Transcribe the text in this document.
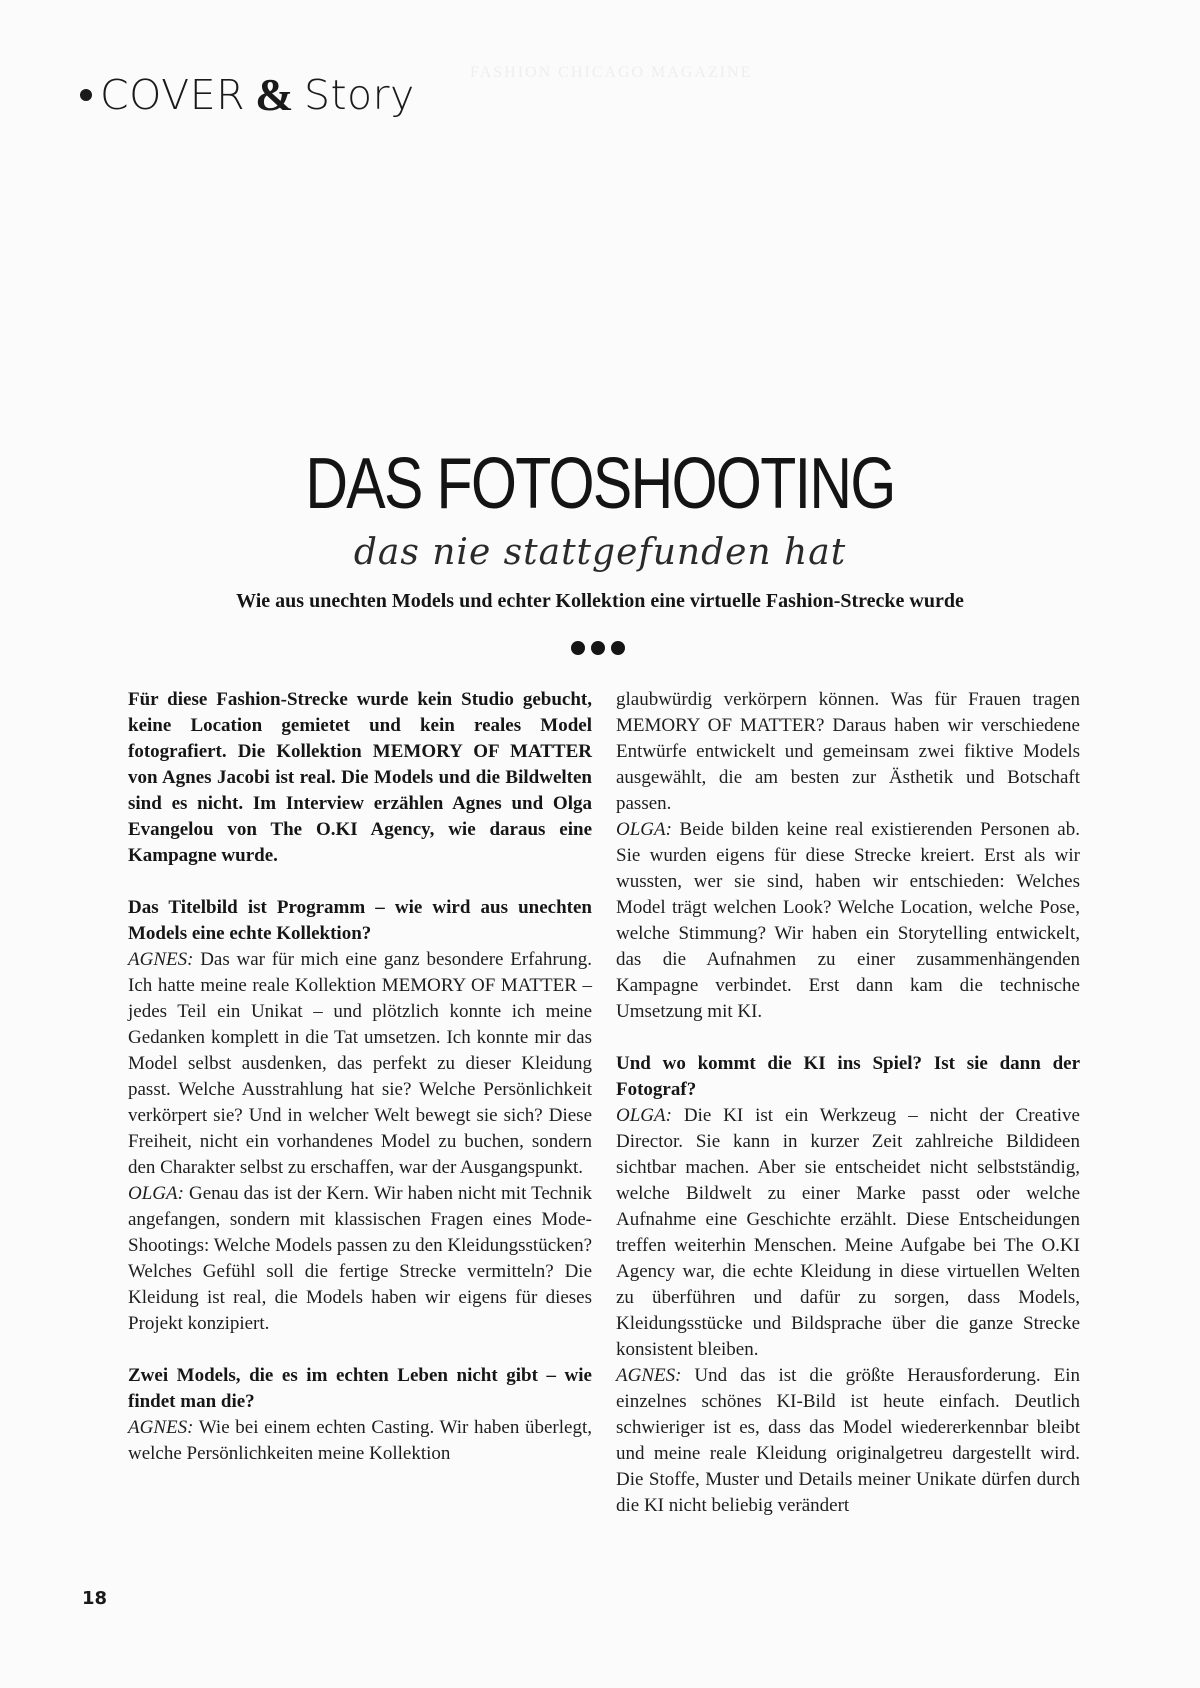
COVER & Story	FASHION CHICAGO MAGAZINE
DAS FOTOSHOOTING
das nie stattgefunden hat
Wie aus unechten Models und echter Kollektion eine virtuelle Fashion-Strecke wurde

Für diese Fashion-Strecke wurde kein Studio gebucht, keine Location gemietet und kein reales Model fotografiert. Die Kollektion MEMORY OF MATTER von Agnes Jacobi ist real. Die Models und die Bildwelten sind es nicht. Im Interview erzählen Agnes und Olga Evangelou von The O.KI Agency, wie daraus eine Kampagne wurde.

Das Titelbild ist Programm – wie wird aus unechten Models eine echte Kollektion?

AGNES: Das war für mich eine ganz besondere Erfahrung. Ich hatte meine reale Kollektion MEMORY OF MATTER – jedes Teil ein Unikat – und plötzlich konnte ich meine Gedanken komplett in die Tat umsetzen. Ich konnte mir das Model selbst ausdenken, das perfekt zu dieser Kleidung passt. Welche Ausstrahlung hat sie? Welche Persönlichkeit verkörpert sie? Und in welcher Welt bewegt sie sich? Diese Freiheit, nicht ein vorhandenes Model zu buchen, sondern den Charakter selbst zu erschaffen, war der Ausgangspunkt.

OLGA: Genau das ist der Kern. Wir haben nicht mit Technik angefangen, sondern mit klassischen Fragen eines Mode-Shootings: Welche Models passen zu den Kleidungsstücken? Welches Gefühl soll die fertige Strecke vermitteln? Die Kleidung ist real, die Models haben wir eigens für dieses Projekt konzipiert.

Zwei Models, die es im echten Leben nicht gibt – wie findet man die?

AGNES: Wie bei einem echten Casting. Wir haben überlegt, welche Persönlichkeiten meine Kollektion

glaubwürdig verkörpern können. Was für Frauen tragen MEMORY OF MATTER? Daraus haben wir verschiedene Entwürfe entwickelt und gemeinsam zwei fiktive Models ausgewählt, die am besten zur Ästhetik und Botschaft passen.

OLGA: Beide bilden keine real existierenden Personen ab. Sie wurden eigens für diese Strecke kreiert. Erst als wir wussten, wer sie sind, haben wir entschieden: Welches Model trägt welchen Look? Welche Location, welche Pose, welche Stimmung? Wir haben ein Storytelling entwickelt, das die Aufnahmen zu einer zusammenhängenden Kampagne verbindet. Erst dann kam die technische Umsetzung mit KI.

Und wo kommt die KI ins Spiel? Ist sie dann der Fotograf?

OLGA: Die KI ist ein Werkzeug – nicht der Creative Director. Sie kann in kurzer Zeit zahlreiche Bildideen sichtbar machen. Aber sie entscheidet nicht selbstständig, welche Bildwelt zu einer Marke passt oder welche Aufnahme eine Geschichte erzählt. Diese Entscheidungen treffen weiterhin Menschen. Meine Aufgabe bei The O.KI Agency war, die echte Kleidung in diese virtuellen Welten zu überführen und dafür zu sorgen, dass Models, Kleidungsstücke und Bildsprache über die ganze Strecke konsistent bleiben.

AGNES: Und das ist die größte Herausforderung. Ein einzelnes schönes KI-Bild ist heute einfach. Deutlich schwieriger ist es, dass das Model wiedererkennbar bleibt und meine reale Kleidung originalgetreu dargestellt wird. Die Stoffe, Muster und Details meiner Unikate dürfen durch die KI nicht beliebig verändert

18
